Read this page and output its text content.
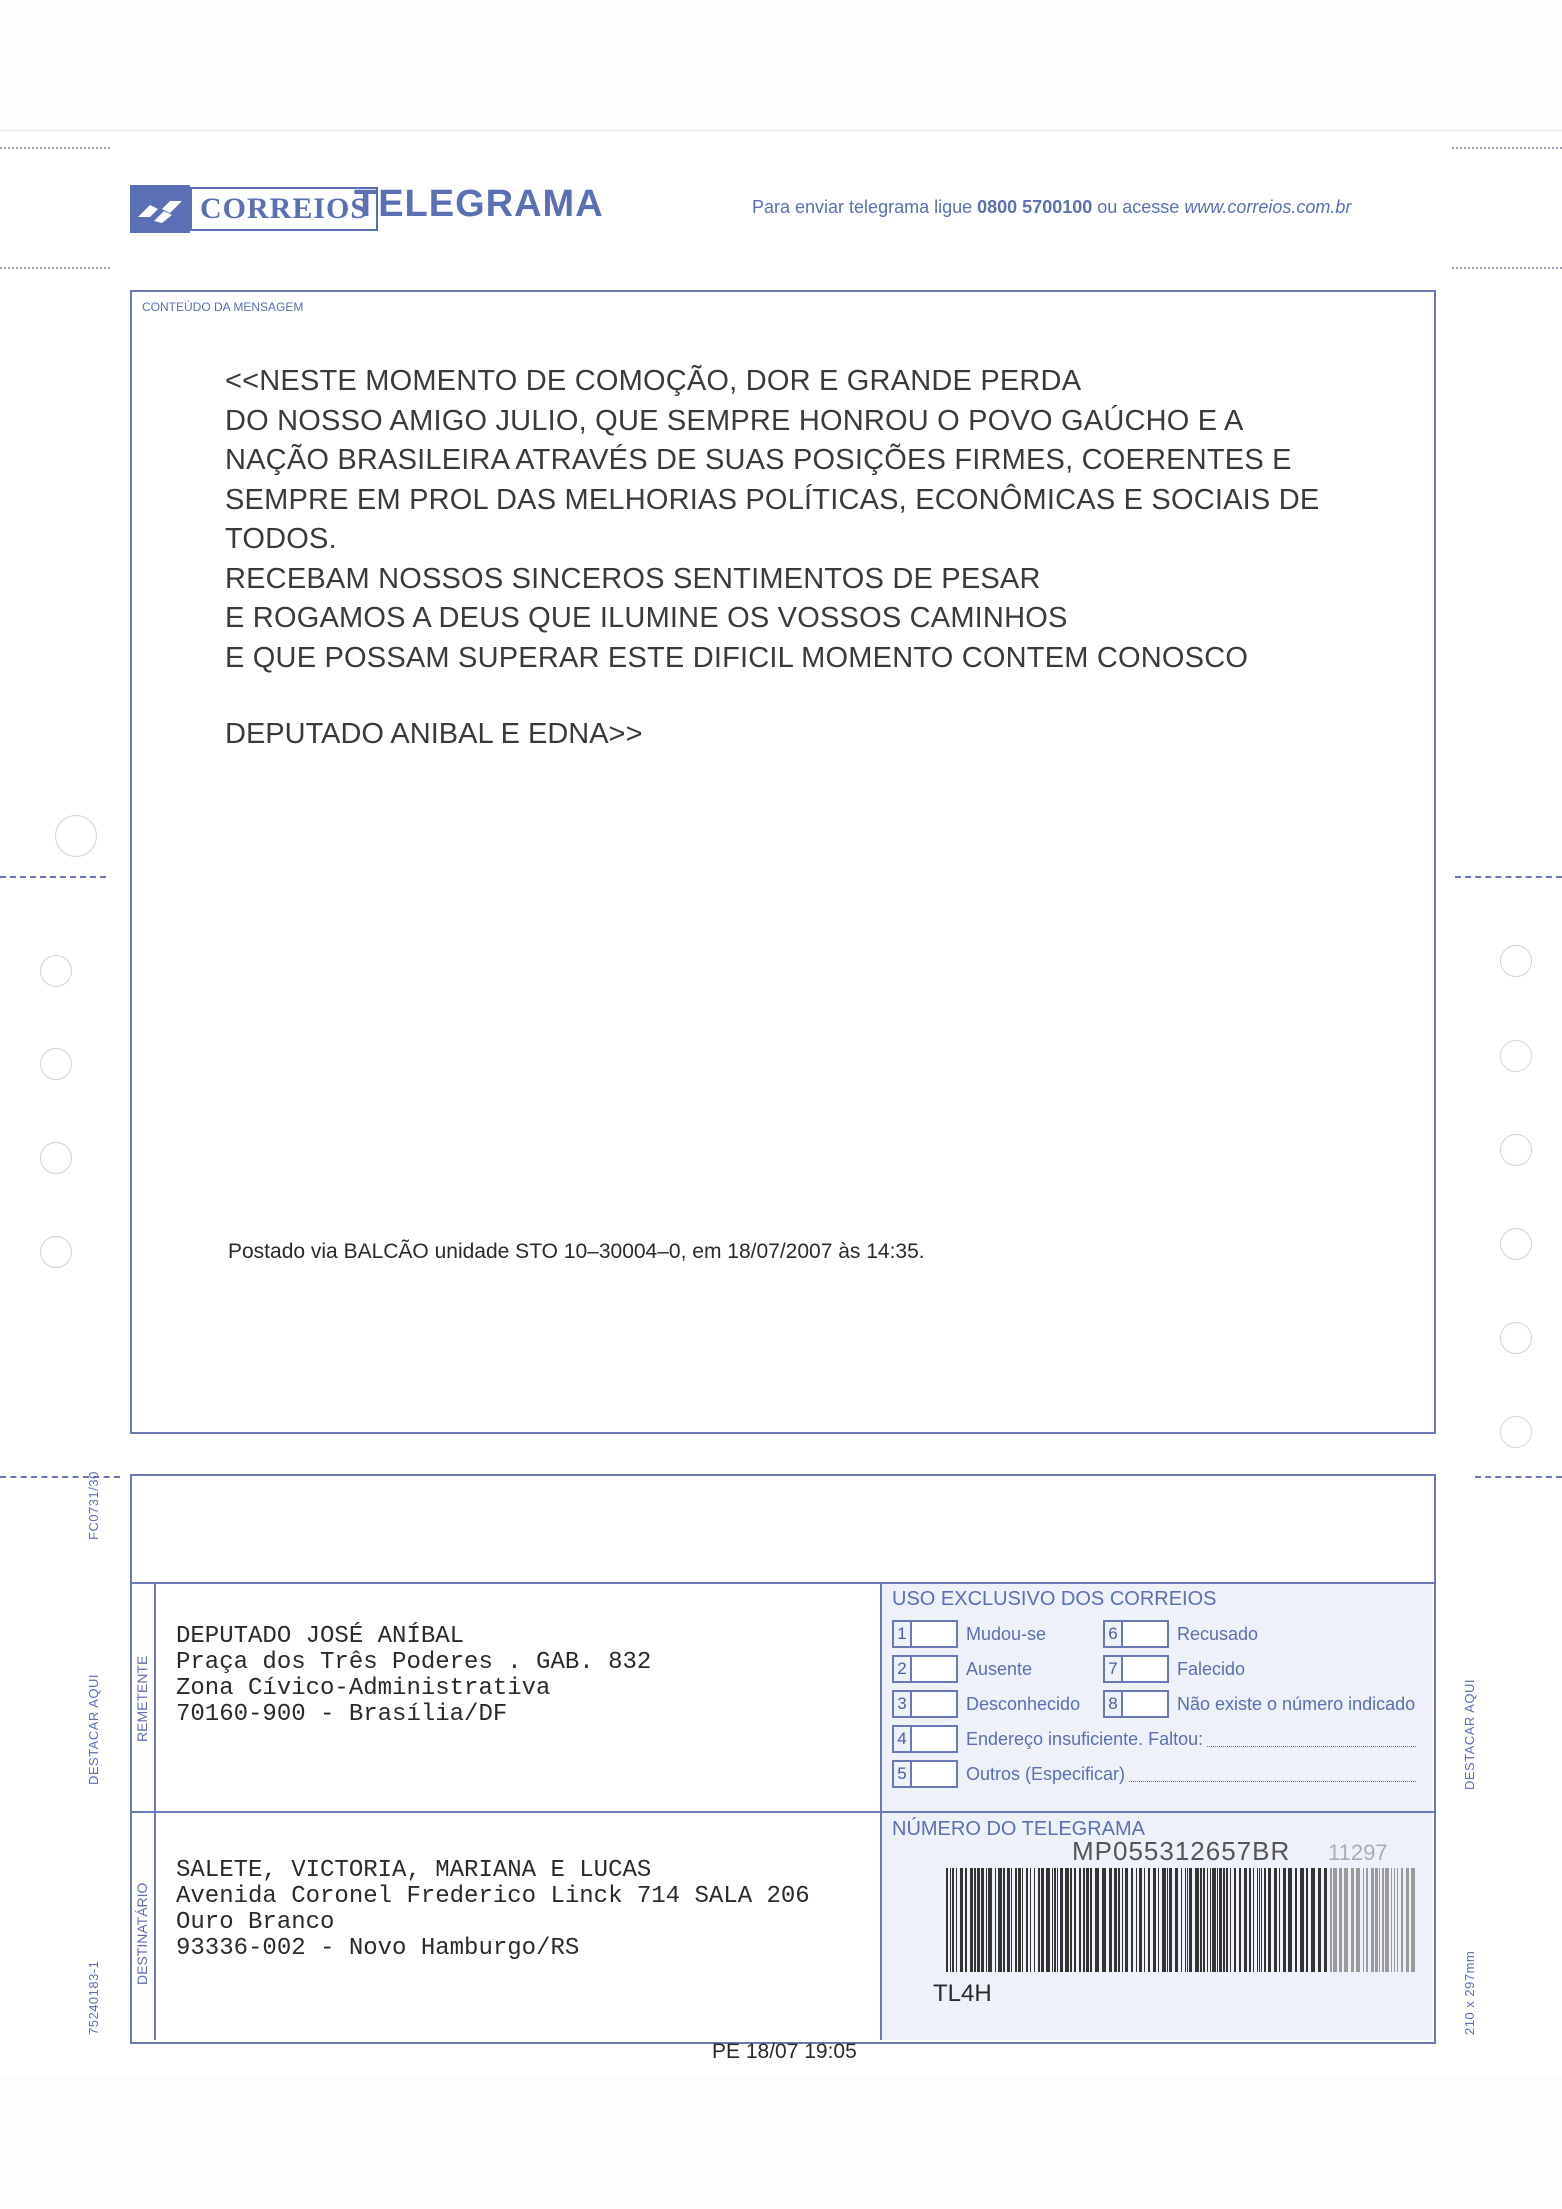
CORREIOS
TELEGRAMA	Para enviar telegrama ligue 0800 5700100 ou acesse www.correios.com.br
CONTEÚDO DA MENSAGEM
<<NESTE MOMENTO DE COMOÇÃO, DOR E GRANDE PERDA
DO NOSSO AMIGO JULIO, QUE SEMPRE HONROU O POVO GAÚCHO E A
NAÇÃO BRASILEIRA ATRAVÉS DE SUAS POSIÇÕES FIRMES, COERENTES E
SEMPRE EM PROL DAS MELHORIAS POLÍTICAS, ECONÔMICAS E SOCIAIS DE
TODOS.
RECEBAM NOSSOS SINCEROS SENTIMENTOS DE PESAR
E ROGAMOS A DEUS QUE ILUMINE OS VOSSOS CAMINHOS
E QUE POSSAM SUPERAR ESTE DIFICIL MOMENTO CONTEM CONOSCO
DEPUTADO ANIBAL E EDNA>>
Postado via BALCÃO unidade STO 10–30004–0, em 18/07/2007 às 14:35.
REMETENTE
DESTINATÁRIO
DEPUTADO JOSÉ ANÍBAL
Praça dos Três Poderes . GAB. 832
Zona Cívico-Administrativa
70160-900 - Brasília/DF
SALETE, VICTORIA, MARIANA E LUCAS
Avenida Coronel Frederico Linck 714 SALA 206
Ouro Branco
93336-002 - Novo Hamburgo/RS
USO EXCLUSIVO DOS CORREIOS
1	Mudou-se	6	Recusado
2	Ausente	7	Falecido
3	Desconhecido	8	Não existe o número indicado
4	Endereço insuficiente. Faltou:
5	Outros (Especificar)
NÚMERO DO TELEGRAMA
MP055312657BR 11297
TL4H
PE 18/07 19:05
FC0731/30
DESTACAR AQUI
75240183-1
DESTACAR AQUI
210 x 297mm
